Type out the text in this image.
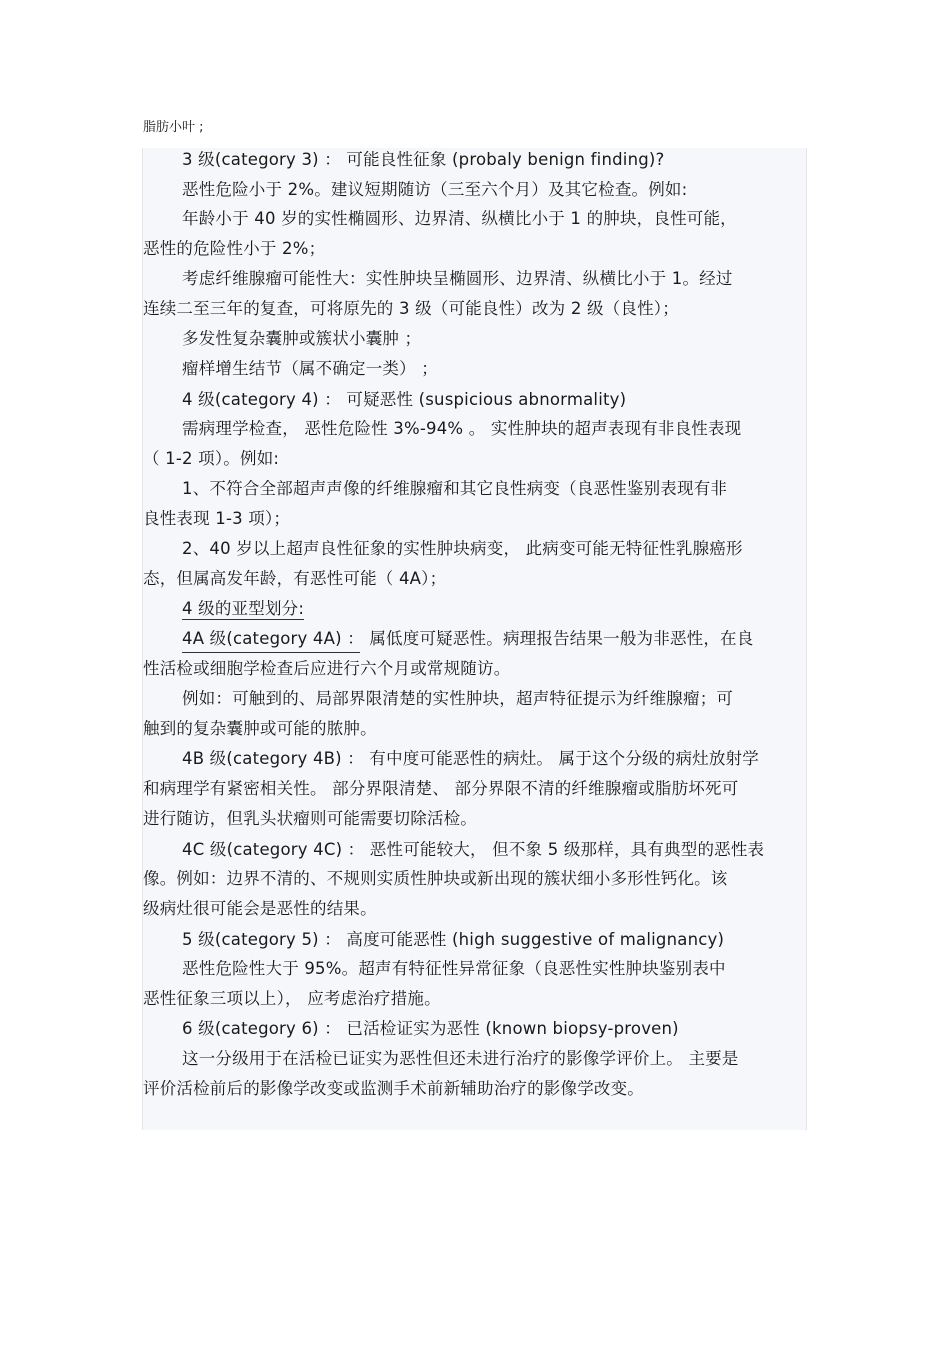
脂肪小叶 ;
3 级(category 3) ： 可能良性征象 (probaly benign finding)?
恶性危险小于 2%。建议短期随访（三至六个月）及其它检查。例如:
年龄小于 40 岁的实性椭圆形、边界清、纵横比小于 1 的肿块，良性可能，
恶性的危险性小于 2%；
考虑纤维腺瘤可能性大：实性肿块呈椭圆形、边界清、纵横比小于 1。经过
连续二至三年的复查，可将原先的 3 级（可能良性）改为 2 级（良性）；
多发性复杂囊肿或簇状小囊肿 ；
瘤样增生结节（属不确定一类） ；
4 级(category 4) ： 可疑恶性 (suspicious abnormality)
需病理学检查， 恶性危险性 3%-94% 。 实性肿块的超声表现有非良性表现
（ 1-2 项）。例如:
1、不符合全部超声声像的纤维腺瘤和其它良性病变（良恶性鉴别表现有非
良性表现 1-3 项）；
2、40 岁以上超声良性征象的实性肿块病变， 此病变可能无特征性乳腺癌形
态，但属高发年龄，有恶性可能（ 4A）；
4 级的亚型划分:
4A 级(category 4A) ： 属低度可疑恶性。病理报告结果一般为非恶性，在良
性活检或细胞学检查后应进行六个月或常规随访。
例如：可触到的、局部界限清楚的实性肿块，超声特征提示为纤维腺瘤；可
触到的复杂囊肿或可能的脓肿。
4B 级(category 4B) ： 有中度可能恶性的病灶。 属于这个分级的病灶放射学
和病理学有紧密相关性。 部分界限清楚、 部分界限不清的纤维腺瘤或脂肪坏死可
进行随访，但乳头状瘤则可能需要切除活检。
4C 级(category 4C) ： 恶性可能较大， 但不象 5 级那样，具有典型的恶性表
像。例如：边界不清的、不规则实质性肿块或新出现的簇状细小多形性钙化。该
级病灶很可能会是恶性的结果。
5 级(category 5) ： 高度可能恶性 (high suggestive of malignancy)
恶性危险性大于 95%。超声有特征性异常征象（良恶性实性肿块鉴别表中
恶性征象三项以上）， 应考虑治疗措施。
6 级(category 6) ： 已活检证实为恶性 (known biopsy-proven)
这一分级用于在活检已证实为恶性但还未进行治疗的影像学评价上。 主要是
评价活检前后的影像学改变或监测手术前新辅助治疗的影像学改变。
